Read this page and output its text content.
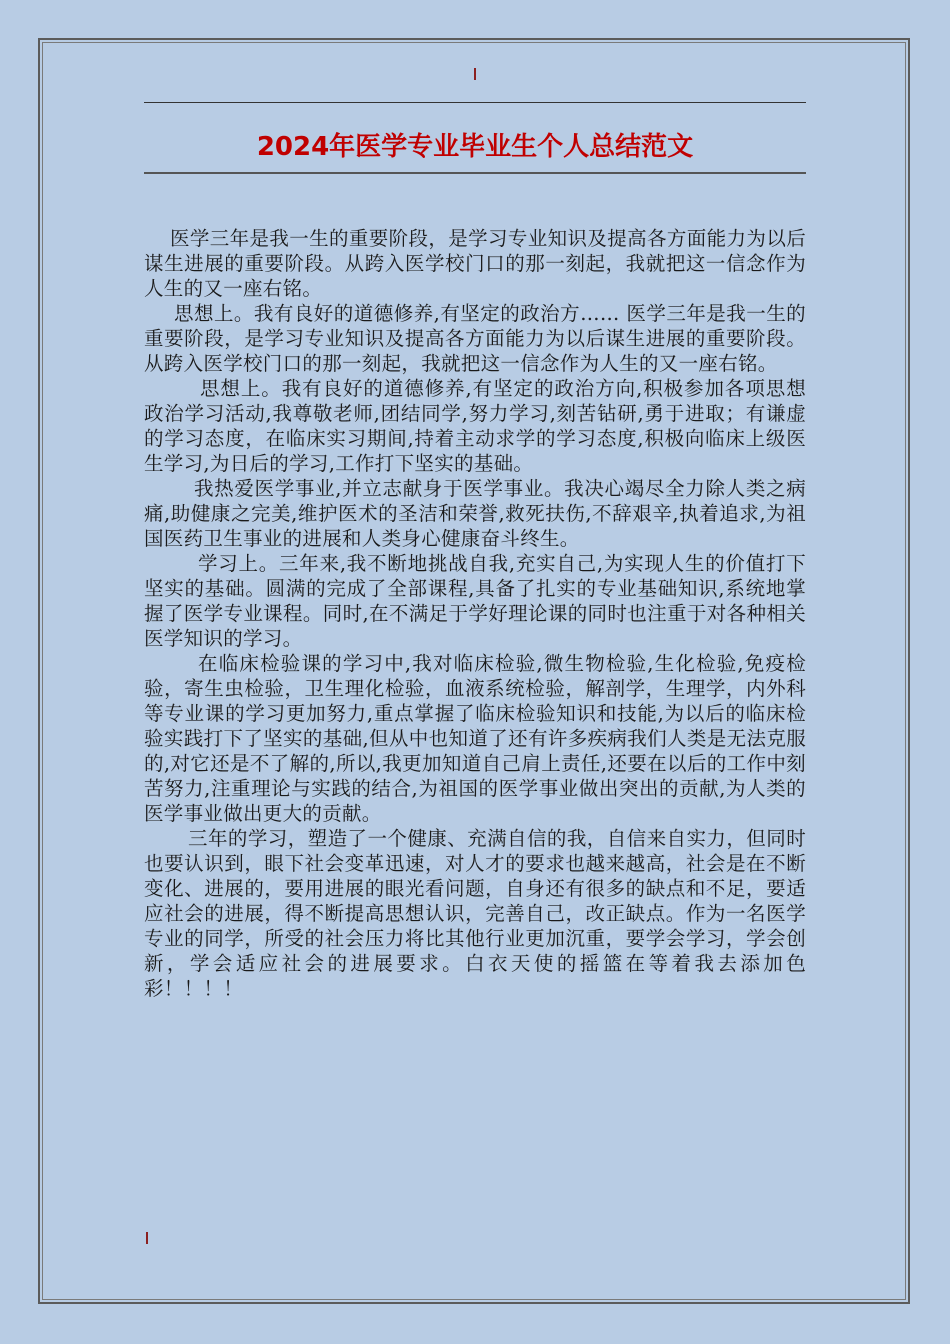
2024年医学专业毕业生个人总结范文

医学三年是我一生的重要阶段，是学习专业知识及提高各方面能力为以后谋生进展的重要阶段。从跨入医学校门口的那一刻起，我就把这一信念作为人生的又一座右铭。

思想上。我有良好的道德修养,有坚定的政治方…… 医学三年是我一生的重要阶段，是学习专业知识及提高各方面能力为以后谋生进展的重要阶段。从跨入医学校门口的那一刻起，我就把这一信念作为人生的又一座右铭。

思想上。我有良好的道德修养,有坚定的政治方向,积极参加各项思想政治学习活动,我尊敬老师,团结同学,努力学习,刻苦钻研,勇于进取；有谦虚的学习态度，在临床实习期间,持着主动求学的学习态度,积极向临床上级医生学习,为日后的学习,工作打下坚实的基础。

我热爱医学事业,并立志献身于医学事业。我决心竭尽全力除人类之病痛,助健康之完美,维护医术的圣洁和荣誉,救死扶伤,不辞艰辛,执着追求,为祖国医药卫生事业的进展和人类身心健康奋斗终生。

学习上。三年来,我不断地挑战自我,充实自己,为实现人生的价值打下坚实的基础。圆满的完成了全部课程,具备了扎实的专业基础知识,系统地掌握了医学专业课程。同时,在不满足于学好理论课的同时也注重于对各种相关医学知识的学习。

在临床检验课的学习中,我对临床检验,微生物检验,生化检验,免疫检验，寄生虫检验，卫生理化检验，血液系统检验，解剖学，生理学，内外科等专业课的学习更加努力,重点掌握了临床检验知识和技能,为以后的临床检验实践打下了坚实的基础,但从中也知道了还有许多疾病我们人类是无法克服的,对它还是不了解的,所以,我更加知道自己肩上责任,还要在以后的工作中刻苦努力,注重理论与实践的结合,为祖国的医学事业做出突出的贡献,为人类的医学事业做出更大的贡献。

三年的学习，塑造了一个健康、充满自信的我，自信来自实力，但同时也要认识到，眼下社会变革迅速，对人才的要求也越来越高，社会是在不断变化、进展的，要用进展的眼光看问题，自身还有很多的缺点和不足，要适应社会的进展，得不断提高思想认识，完善自己，改正缺点。作为一名医学专业的同学，所受的社会压力将比其他行业更加沉重，要学会学习，学会创新，学会适应社会的进展要求。白衣天使的摇篮在等着我去添加色彩！！！！
